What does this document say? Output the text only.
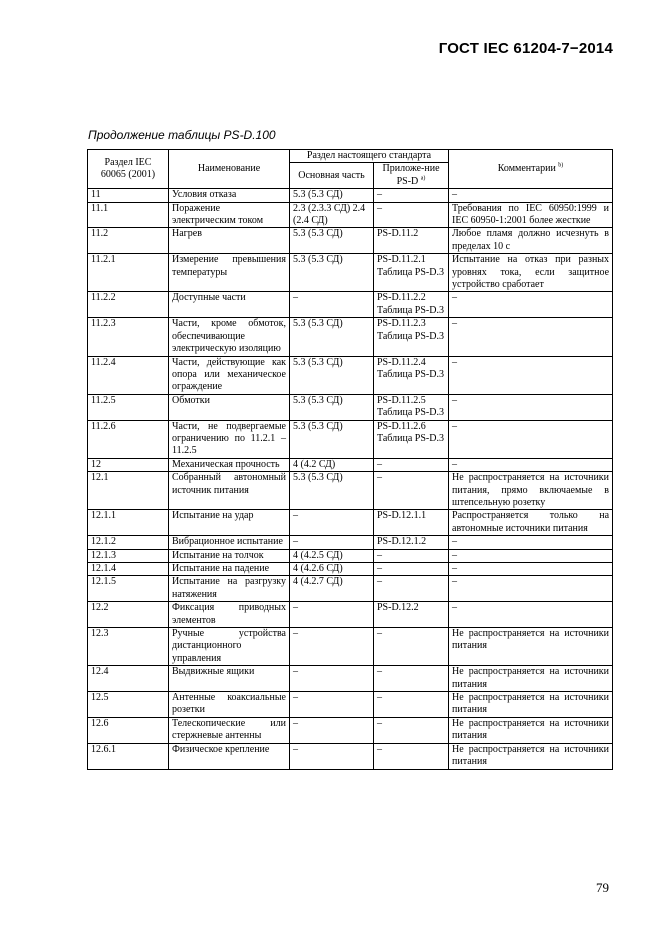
ГОСТ IEC 61204-7−2014
Продолжение таблицы PS-D.100
Раздел IEC 60065 (2001)	Наименование	Раздел настоящего стандарта		Комментарии $^{b)}$
		Основная часть	Приложе-ние PS-D $^{a)}$
11	Условия отказа	5.3 (5.3 СД)	–	–
11.1	Поражение электрическим током	2.3 (2.3.3 СД) 2.4 (2.4 СД)	–	Требования по IEC 60950:1999 и IEC 60950-1:2001 более жесткие
11.2	Нагрев	5.3 (5.3 СД)	PS-D.11.2	Любое пламя должно исчезнуть в пределах 10 с
11.2.1	Измерение превышения температуры	5.3 (5.3 СД)	PS-D.11.2.1 Таблица PS-D.3	Испытание на отказ при разных уровнях тока, если защитное устройство сработает
11.2.2	Доступные части	–	PS-D.11.2.2 Таблица PS-D.3	–
11.2.3	Части, кроме обмоток, обеспечивающие электрическую изоляцию	5.3 (5.3 СД)	PS-D.11.2.3 Таблица PS-D.3	–
11.2.4	Части, действующие как опора или механическое ограждение	5.3 (5.3 СД)	PS-D.11.2.4 Таблица PS-D.3	–
11.2.5	Обмотки	5.3 (5.3 СД)	PS-D.11.2.5 Таблица PS-D.3	–
11.2.6	Части, не подвергаемые ограничению по 11.2.1 – 11.2.5	5.3 (5.3 СД)	PS-D.11.2.6 Таблица PS-D.3	–
12	Механическая прочность	4 (4.2 СД)	–	–
12.1	Собранный автономный источник питания	5.3 (5.3 СД)	–	Не распространяется на источники питания, прямо включаемые в штепсельную розетку
12.1.1	Испытание на удар	–	PS-D.12.1.1	Распространяется только на автономные источники питания
12.1.2	Вибрационное испытание	–	PS-D.12.1.2	–
12.1.3	Испытание на толчок	4 (4.2.5 СД)	–	–
12.1.4	Испытание на падение	4 (4.2.6 СД)	–	–
12.1.5	Испытание на разгрузку натяжения	4 (4.2.7 СД)	–	–
12.2	Фиксация приводных элементов	–	PS-D.12.2	–
12.3	Ручные устройства дистанционного управления	–	–	Не распространяется на источники питания
12.4	Выдвижные ящики	–	–	Не распространяется на источники питания
12.5	Антенные коаксиальные розетки	–	–	Не распространяется на источники питания
12.6	Телескопические или стержневые антенны	–	–	Не распространяется на источники питания
12.6.1	Физическое крепление	–	–	Не распространяется на источники питания
79
